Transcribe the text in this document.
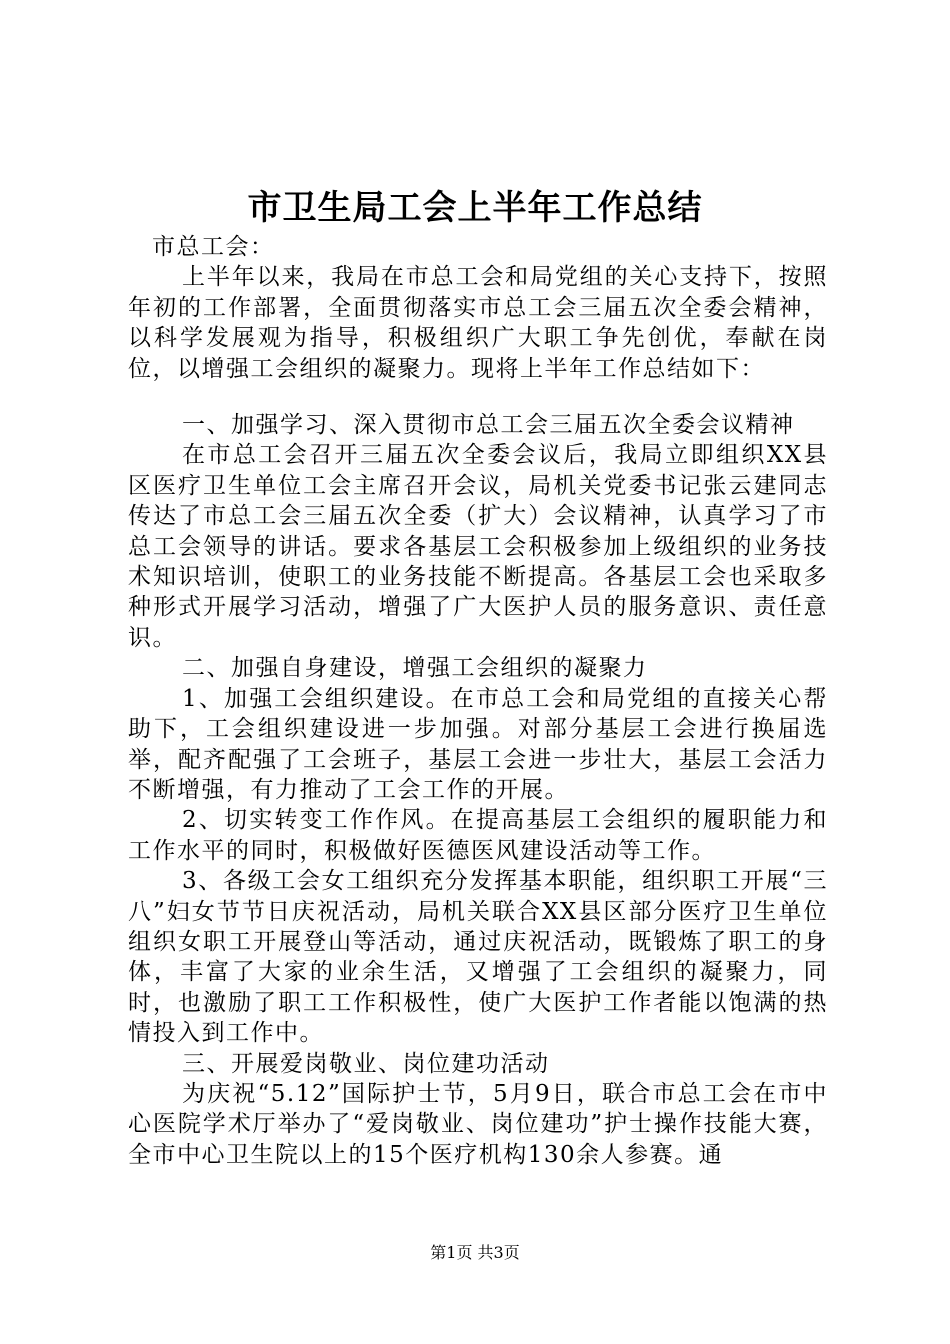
市卫生局工会上半年工作总结

市总工会：

上半年以来，我局在市总工会和局党组的关心支持下，按照年初的工作部署，全面贯彻落实市总工会三届五次全委会精神，以科学发展观为指导，积极组织广大职工争先创优，奉献在岗位，以增强工会组织的凝聚力。现将上半年工作总结如下：

一、加强学习、深入贯彻市总工会三届五次全委会议精神

在市总工会召开三届五次全委会议后，我局立即组织XX县区医疗卫生单位工会主席召开会议，局机关党委书记张云建同志传达了市总工会三届五次全委（扩大）会议精神，认真学习了市总工会领导的讲话。要求各基层工会积极参加上级组织的业务技术知识培训，使职工的业务技能不断提高。各基层工会也采取多种形式开展学习活动，增强了广大医护人员的服务意识、责任意识。

二、加强自身建设，增强工会组织的凝聚力

1、加强工会组织建设。在市总工会和局党组的直接关心帮助下，工会组织建设进一步加强。对部分基层工会进行换届选举，配齐配强了工会班子，基层工会进一步壮大，基层工会活力不断增强，有力推动了工会工作的开展。

2、切实转变工作作风。在提高基层工会组织的履职能力和工作水平的同时，积极做好医德医风建设活动等工作。

3、各级工会女工组织充分发挥基本职能，组织职工开展“三八”妇女节节日庆祝活动，局机关联合XX县区部分医疗卫生单位组织女职工开展登山等活动，通过庆祝活动，既锻炼了职工的身体，丰富了大家的业余生活，又增强了工会组织的凝聚力，同时，也激励了职工工作积极性，使广大医护工作者能以饱满的热情投入到工作中。

三、开展爱岗敬业、岗位建功活动

为庆祝“5.12”国际护士节，5月9日，联合市总工会在市中心医院学术厅举办了“爱岗敬业、岗位建功”护士操作技能大赛，全市中心卫生院以上的15个医疗机构130余人参赛。通

第1页 共3页
